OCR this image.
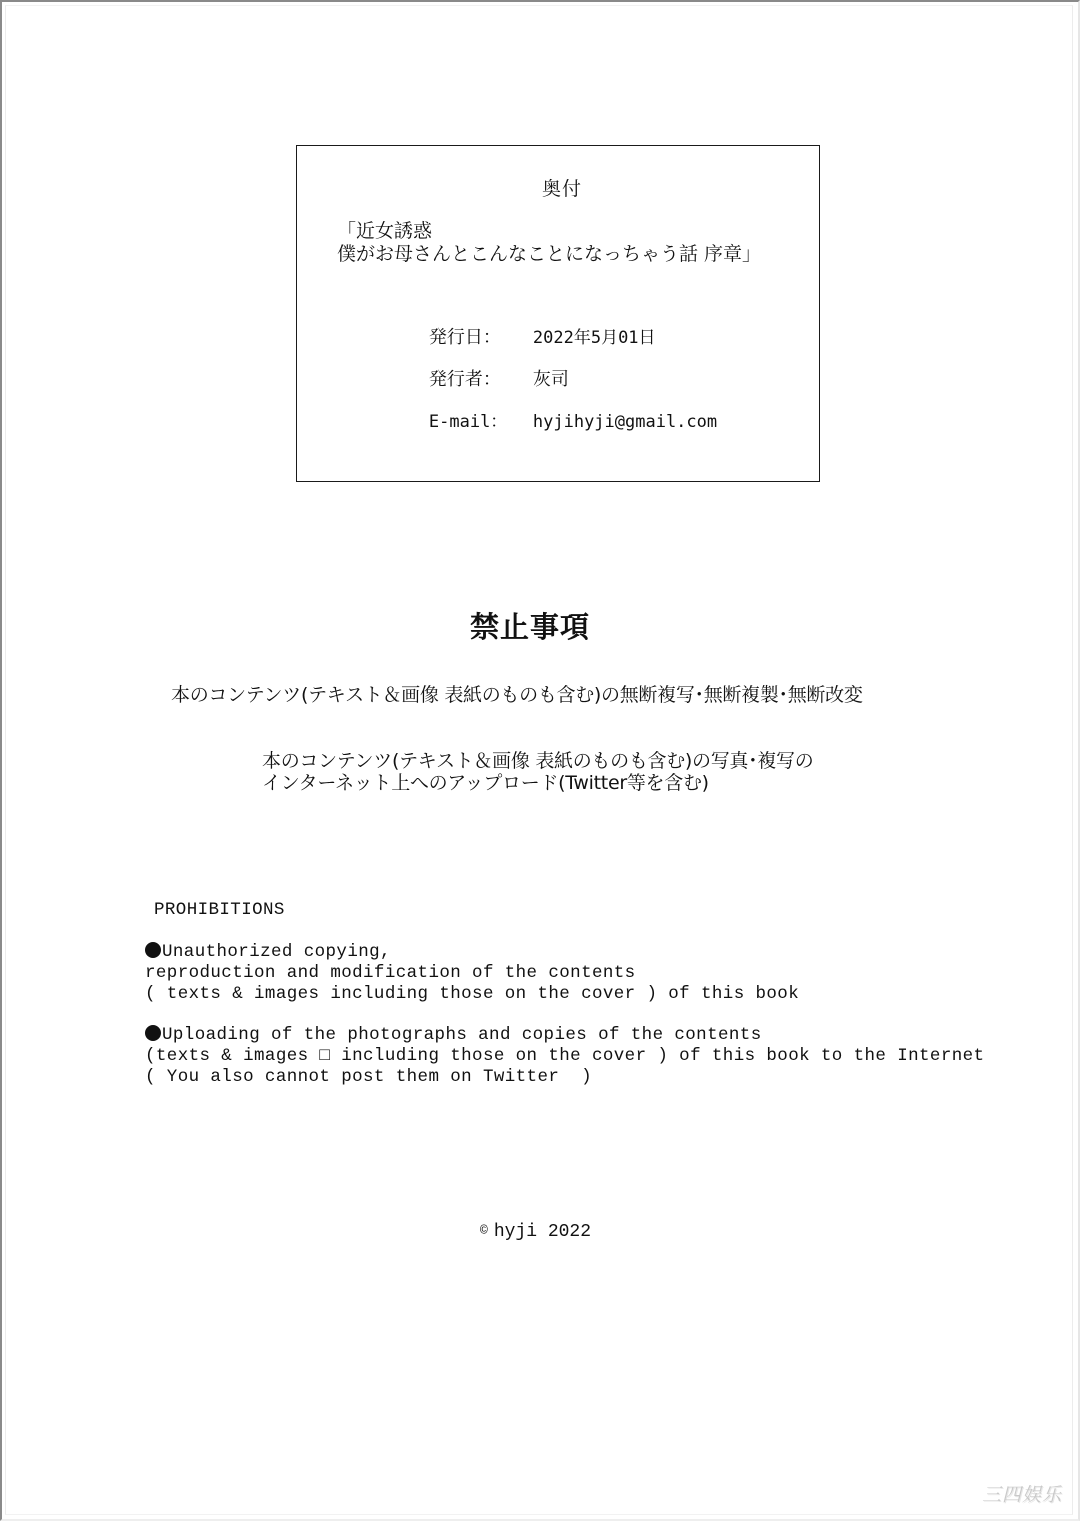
奥付
「近女誘惑
僕がお母さんとこんなことになっちゃう話 序章」

発行日： 2022年5月01日

発行者： 灰司

E-mail： hyjihyji@gmail.com

禁止事項
本のコンテンツ(テキスト＆画像 表紙のものも含む)の無断複写･無断複製･無断改変
本のコンテンツ(テキスト＆画像 表紙のものも含む)の写真･複写の
インターネット上へのアップロード(Twitter等を含む)
PROHIBITIONS
Unauthorized copying,
reproduction and modification of the contents
( texts & images including those on the cover ) of this book
Uploading of the photographs and copies of the contents
(texts & images □ including those on the cover ) of this book to the Internet
( You also cannot post them on Twitter  )
© hyji 2022
三四娱乐
